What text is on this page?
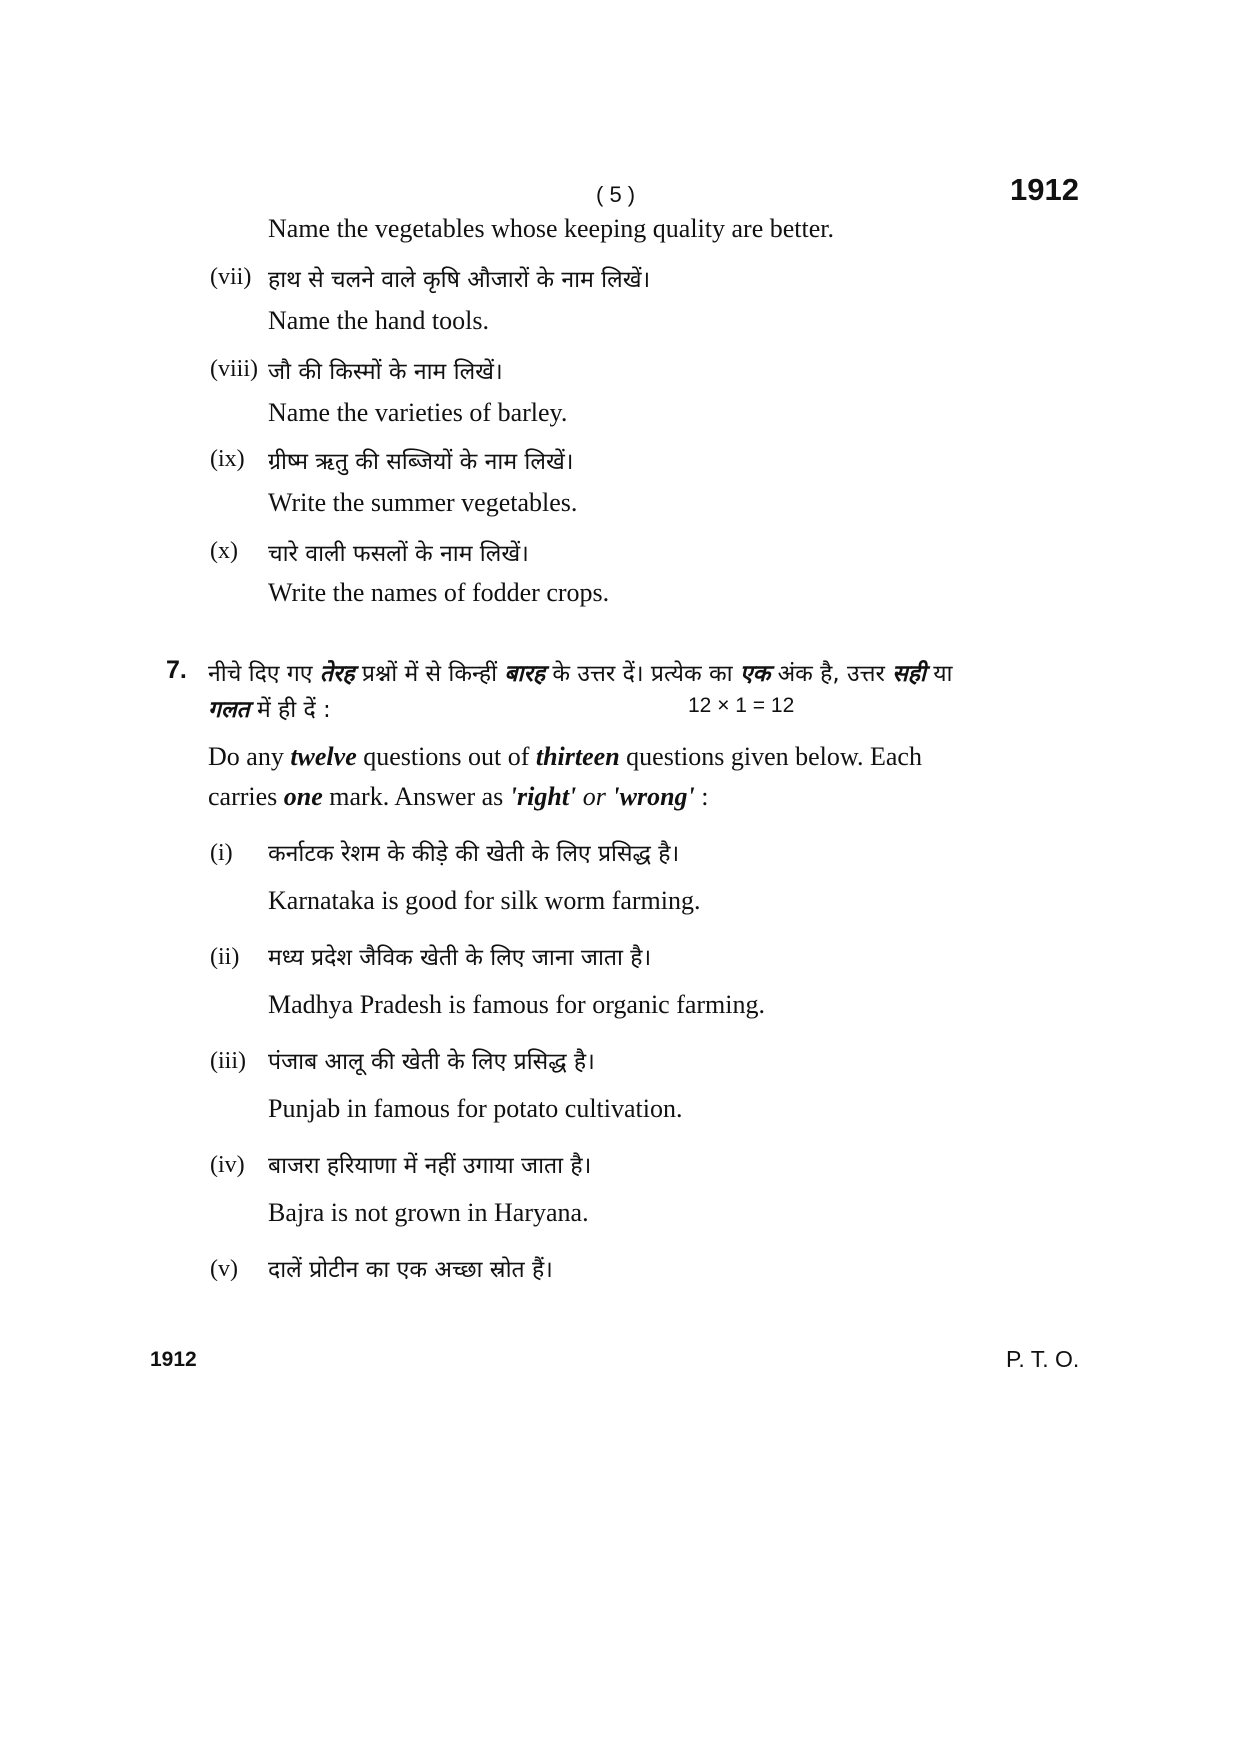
( 5 )	1912
Name the vegetables whose keeping quality are better.
(vii) हाथ से चलने वाले कृषि औजारों के नाम लिखें।
Name the hand tools.
(viii) जौ की किस्मों के नाम लिखें।
Name the varieties of barley.
(ix) ग्रीष्म ऋतु की सब्जियों के नाम लिखें।
Write the summer vegetables.
(x) चारे वाली फसलों के नाम लिखें।
Write the names of fodder crops.
7. नीचे दिए गए तेरह प्रश्नों में से किन्हीं बारह के उत्तर दें। प्रत्येक का एक अंक है, उत्तर सही या
गलत में ही दें :	12 × 1 = 12
Do any twelve questions out of thirteen questions given below. Each
carries one mark. Answer as 'right' or 'wrong' :
(i) कर्नाटक रेशम के कीड़े की खेती के लिए प्रसिद्ध है।
Karnataka is good for silk worm farming.
(ii) मध्य प्रदेश जैविक खेती के लिए जाना जाता है।
Madhya Pradesh is famous for organic farming.
(iii) पंजाब आलू की खेती के लिए प्रसिद्ध है।
Punjab in famous for potato cultivation.
(iv) बाजरा हरियाणा में नहीं उगाया जाता है।
Bajra is not grown in Haryana.
(v) दालें प्रोटीन का एक अच्छा स्रोत हैं।
1912	P. T. O.
